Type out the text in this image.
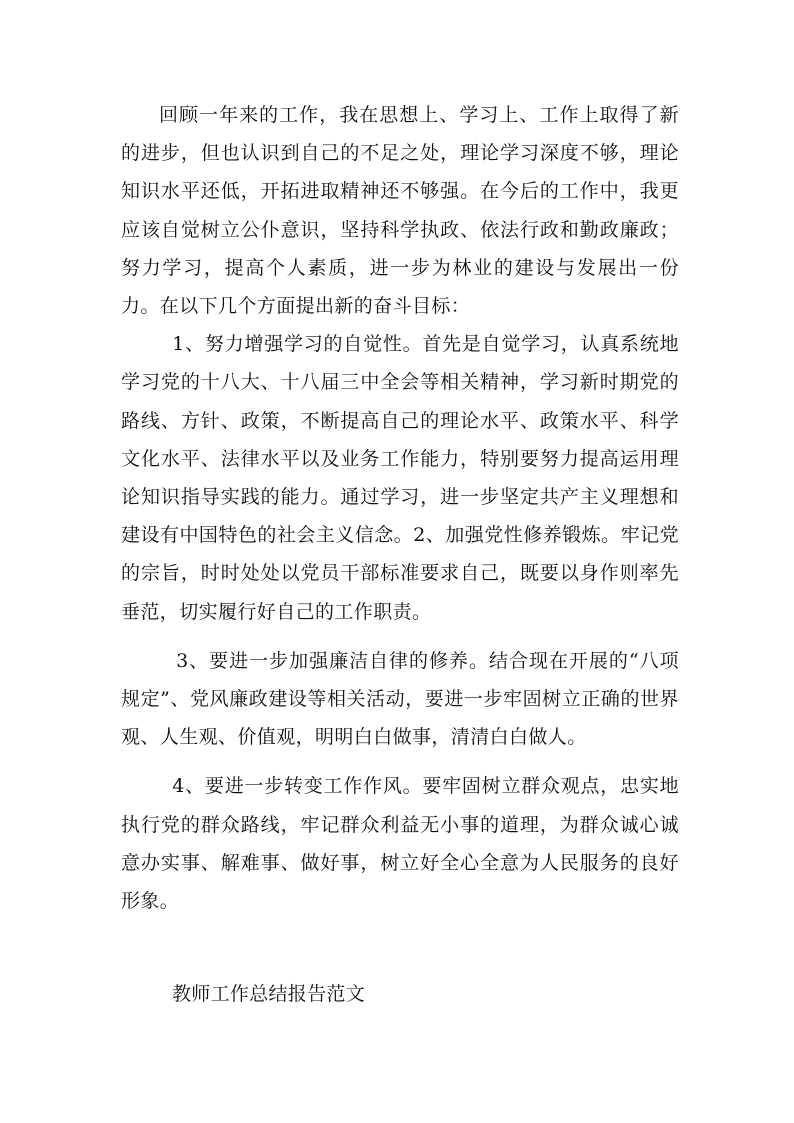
回顾一年来的工作，我在思想上、学习上、工作上取得了新的进步，但也认识到自己的不足之处，理论学习深度不够，理论知识水平还低，开拓进取精神还不够强。在今后的工作中，我更应该自觉树立公仆意识，坚持科学执政、依法行政和勤政廉政；努力学习，提高个人素质，进一步为林业的建设与发展出一份力。在以下几个方面提出新的奋斗目标：

1、努力增强学习的自觉性。首先是自觉学习，认真系统地学习党的十八大、十八届三中全会等相关精神，学习新时期党的路线、方针、政策，不断提高自己的理论水平、政策水平、科学文化水平、法律水平以及业务工作能力，特别要努力提高运用理论知识指导实践的能力。通过学习，进一步坚定共产主义理想和建设有中国特色的社会主义信念。2、加强党性修养锻炼。牢记党的宗旨，时时处处以党员干部标准要求自己，既要以身作则率先垂范，切实履行好自己的工作职责。

3、要进一步加强廉洁自律的修养。结合现在开展的“八项规定”、党风廉政建设等相关活动，要进一步牢固树立正确的世界观、人生观、价值观，明明白白做事，清清白白做人。

4、要进一步转变工作作风。要牢固树立群众观点，忠实地执行党的群众路线，牢记群众利益无小事的道理，为群众诚心诚意办实事、解难事、做好事，树立好全心全意为人民服务的良好形象。

教师工作总结报告范文
